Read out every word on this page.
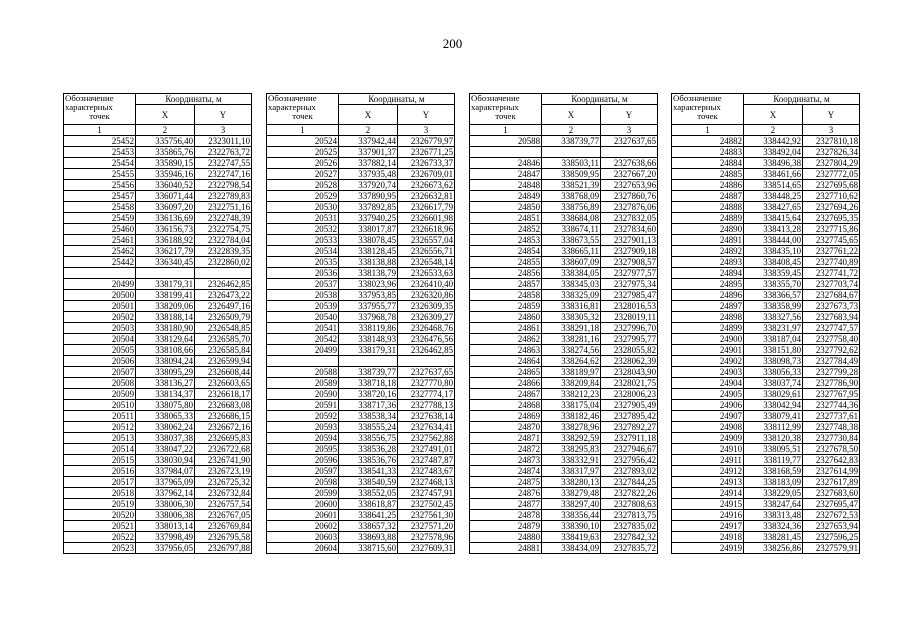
200
Обозначение
характерных
точек	Координаты, м	
	X	Y
1	2	3
25452	335756,40	2323011,10
25453	335865,76	2322763,72
25454	335890,15	2322747,55
25455	335946,16	2322747,16
25456	336040,52	2322798,54
25457	336071,44	2322789,83
25458	336097,20	2322751,16
25459	336136,69	2322748,39
25460	336156,73	2322754,75
25461	336188,92	2322784,04
25462	336217,79	2322839,35
25442	336340,45	2322860,02

20499	338179,31	2326462,85
20500	338199,41	2326473,22
20501	338209,06	2326497,16
20502	338188,14	2326509,79
20503	338180,90	2326548,85
20504	338129,64	2326585,70
20505	338108,66	2326585,84
20506	338094,24	2326599,94
20507	338095,29	2326608,44
20508	338136,27	2326603,65
20509	338134,37	2326618,17
20510	338075,80	2326683,08
20511	338065,33	2326686,15
20512	338062,24	2326672,16
20513	338037,38	2326695,83
20514	338047,22	2326722,68
20515	338030,94	2326741,90
20516	337984,07	2326723,19
20517	337965,09	2326725,32
20518	337962,14	2326732,84
20519	338006,30	2326757,54
20520	338006,38	2326767,05
20521	338013,14	2326769,84
20522	337998,49	2326795,58
20523	337956,05	2326797,88
Обозначение
характерных
точек	Координаты, м	
	X	Y
1	2	3
20524	337942,44	2326779,97
20525	337901,37	2326771,25
20526	337882,14	2326733,37
20527	337935,48	2326709,01
20528	337920,74	2326673,62
20529	337890,95	2326632,81
20530	337892,85	2326617,79
20531	337940,25	2326601,98
20532	338017,87	2326618,96
20533	338078,45	2326557,04
20534	338128,45	2326556,71
20535	338138,88	2326548,14
20536	338138,79	2326533,63
20537	338023,96	2326410,40
20538	337953,85	2326320,86
20539	337955,77	2326309,35
20540	337968,78	2326309,27
20541	338119,86	2326468,76
20542	338148,93	2326476,56
20499	338179,31	2326462,85

20588	338739,77	2327637,65
20589	338718,18	2327770,80
20590	338720,16	2327774,17
20591	338717,36	2327788,13
20592	338538,34	2327638,14
20593	338555,24	2327634,41
20594	338556,75	2327562,88
20595	338536,28	2327491,01
20596	338536,76	2327487,87
20597	338541,33	2327483,67
20598	338540,59	2327468,13
20599	338552,05	2327457,91
20600	338618,87	2327502,45
20601	338641,25	2327561,30
20602	338657,32	2327571,20
20603	338693,88	2327578,96
20604	338715,60	2327609,31
Обозначение
характерных
точек	Координаты, м	
	X	Y
1	2	3
20588	338739,77	2327637,65

24846	338503,11	2327638,66
24847	338509,95	2327667,20
24848	338521,39	2327653,96
24849	338768,09	2327860,76
24850	338756,89	2327876,06
24851	338684,08	2327832,05
24852	338674,11	2327834,60
24853	338673,55	2327901,13
24854	338665,11	2327909,18
24855	338607,09	2327908,57
24856	338384,05	2327977,57
24857	338345,03	2327975,34
24858	338325,09	2327985,47
24859	338316,81	2328016,53
24860	338305,32	2328019,11
24861	338291,18	2327996,70
24862	338281,16	2327995,77
24863	338274,56	2328055,82
24864	338264,62	2328062,39
24865	338189,97	2328043,90
24866	338209,84	2328021,75
24867	338212,23	2328006,23
24868	338175,04	2327905,49
24869	338182,46	2327895,42
24870	338278,96	2327892,27
24871	338292,59	2327911,18
24872	338295,83	2327946,67
24873	338332,91	2327956,42
24874	338317,97	2327893,02
24875	338280,13	2327844,25
24876	338279,48	2327822,26
24877	338297,40	2327808,63
24878	338356,44	2327813,75
24879	338390,10	2327835,02
24880	338419,63	2327842,32
24881	338434,09	2327835,72
Обозначение
характерных
точек	Координаты, м	
	X	Y
1	2	3
24882	338442,92	2327810,18
24883	338492,04	2327826,34
24884	338496,38	2327804,29
24885	338461,66	2327772,05
24886	338514,65	2327695,68
24887	338448,25	2327710,62
24888	338427,65	2327694,26
24889	338415,64	2327695,35
24890	338413,28	2327715,86
24891	338444,00	2327745,65
24892	338435,10	2327761,22
24893	338408,45	2327740,89
24894	338359,45	2327741,72
24895	338355,70	2327703,74
24896	338366,57	2327684,67
24897	338358,99	2327673,73
24898	338327,56	2327683,94
24899	338231,97	2327747,57
24900	338187,04	2327758,40
24901	338151,80	2327792,62
24902	338098,73	2327784,49
24903	338056,33	2327799,28
24904	338037,74	2327786,90
24905	338029,61	2327767,95
24906	338042,94	2327744,36
24907	338079,41	2327737,61
24908	338112,99	2327748,38
24909	338120,38	2327730,84
24910	338095,51	2327678,50
24911	338119,77	2327642,83
24912	338168,59	2327614,99
24913	338183,09	2327617,89
24914	338229,05	2327683,60
24915	338247,64	2327695,47
24916	338313,48	2327672,53
24917	338324,36	2327653,94
24918	338281,45	2327596,25
24919	338256,86	2327579,91
